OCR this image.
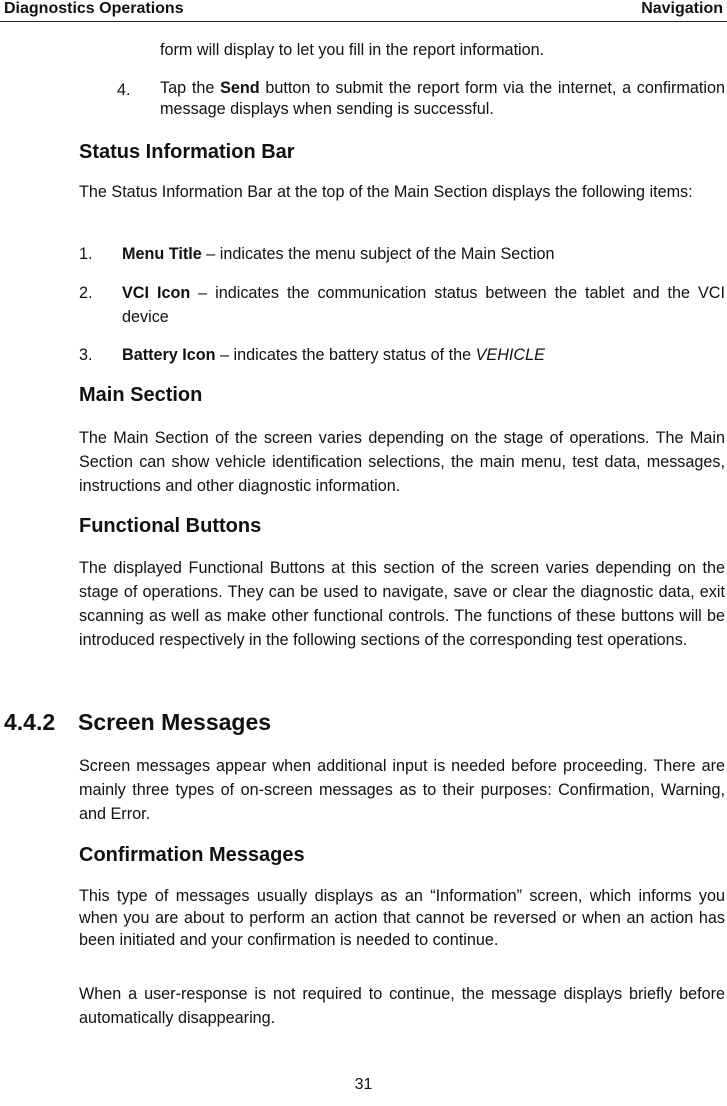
Diagnostics Operations	Navigation
form will display to let you fill in the report information.
4. Tap the Send button to submit the report form via the internet, a confirmation message displays when sending is successful.
Status Information Bar
The Status Information Bar at the top of the Main Section displays the following items:
1. Menu Title – indicates the menu subject of the Main Section
2. VCI Icon – indicates the communication status between the tablet and the VCI device
3. Battery Icon – indicates the battery status of the VEHICLE
Main Section
The Main Section of the screen varies depending on the stage of operations. The Main Section can show vehicle identification selections, the main menu, test data, messages, instructions and other diagnostic information.
Functional Buttons
The displayed Functional Buttons at this section of the screen varies depending on the stage of operations. They can be used to navigate, save or clear the diagnostic data, exit scanning as well as make other functional controls. The functions of these buttons will be introduced respectively in the following sections of the corresponding test operations.
4.4.2 Screen Messages
Screen messages appear when additional input is needed before proceeding. There are mainly three types of on-screen messages as to their purposes: Confirmation, Warning, and Error.
Confirmation Messages
This type of messages usually displays as an “Information” screen, which informs you when you are about to perform an action that cannot be reversed or when an action has been initiated and your confirmation is needed to continue.
When a user-response is not required to continue, the message displays briefly before automatically disappearing.
31
